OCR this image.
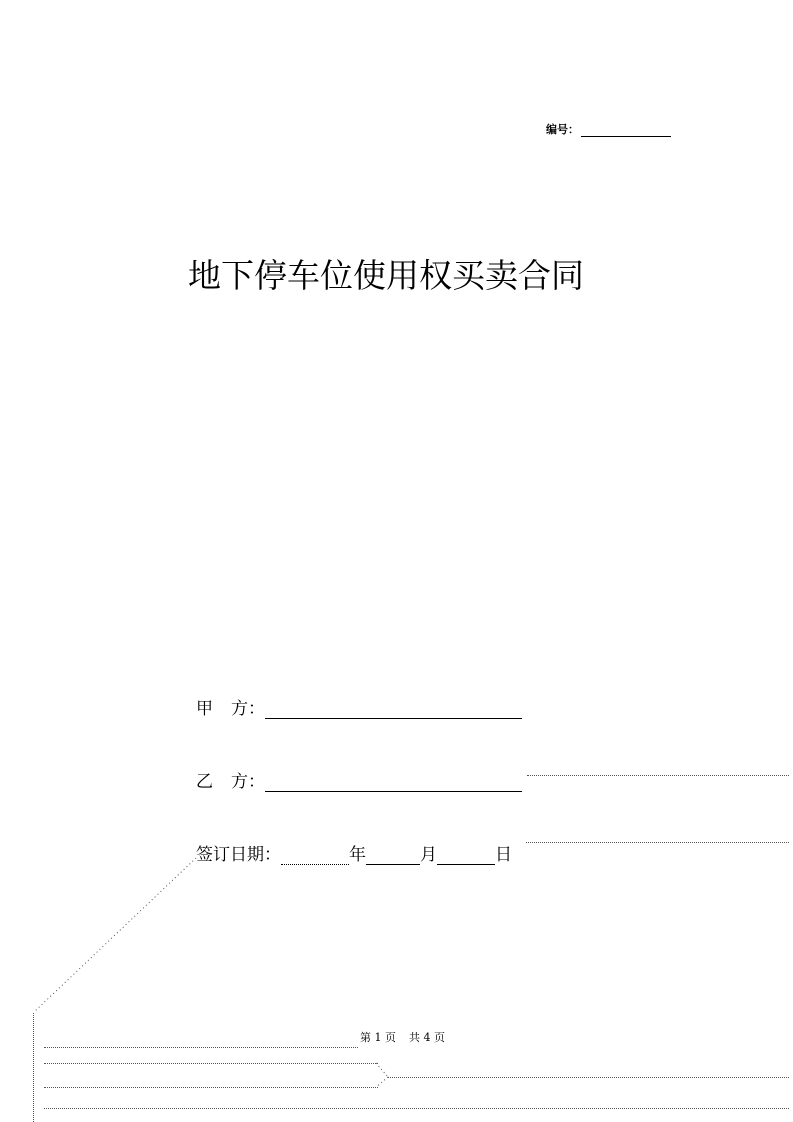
编号：
地下停车位使用权买卖合同
甲 方：
乙 方：
签订日期：	年	月	日
第 1 页 共 4 页
